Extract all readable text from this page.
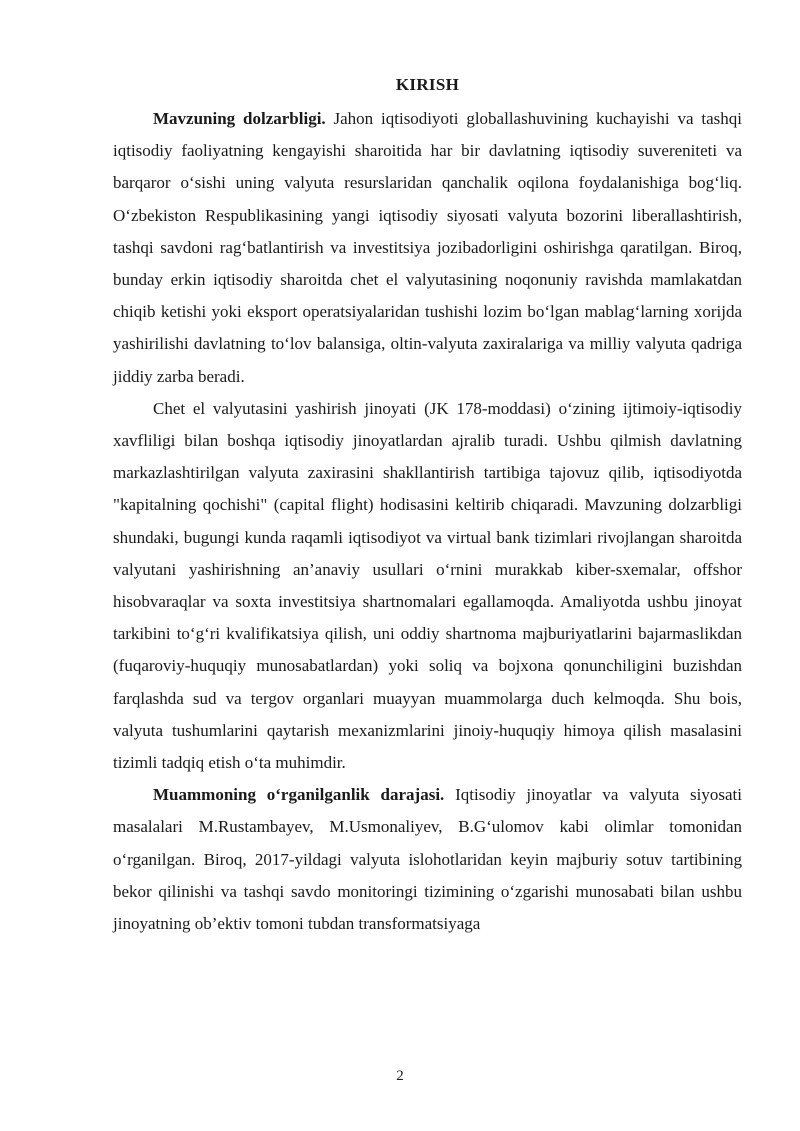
KIRISH

Mavzuning dolzarbligi. Jahon iqtisodiyoti globallashuvining kuchayishi va tashqi iqtisodiy faoliyatning kengayishi sharoitida har bir davlatning iqtisodiy suvereniteti va barqaror o‘sishi uning valyuta resurslaridan qanchalik oqilona foydalanishiga bog‘liq. O‘zbekiston Respublikasining yangi iqtisodiy siyosati valyuta bozorini liberallashtirish, tashqi savdoni rag‘batlantirish va investitsiya jozibadorligini oshirishga qaratilgan. Biroq, bunday erkin iqtisodiy sharoitda chet el valyutasining noqonuniy ravishda mamlakatdan chiqib ketishi yoki eksport operatsiyalaridan tushishi lozim bo‘lgan mablag‘larning xorijda yashirilishi davlatning to‘lov balansiga, oltin-valyuta zaxiralariga va milliy valyuta qadriga jiddiy zarba beradi.

Chet el valyutasini yashirish jinoyati (JK 178-moddasi) o‘zining ijtimoiy-iqtisodiy xavfliligi bilan boshqa iqtisodiy jinoyatlardan ajralib turadi. Ushbu qilmish davlatning markazlashtirilgan valyuta zaxirasini shakllantirish tartibiga tajovuz qilib, iqtisodiyotda "kapitalning qochishi" (capital flight) hodisasini keltirib chiqaradi. Mavzuning dolzarbligi shundaki, bugungi kunda raqamli iqtisodiyot va virtual bank tizimlari rivojlangan sharoitda valyutani yashirishning an’anaviy usullari o‘rnini murakkab kiber-sxemalar, offshor hisobvaraqlar va soxta investitsiya shartnomalari egallamoqda. Amaliyotda ushbu jinoyat tarkibini to‘g‘ri kvalifikatsiya qilish, uni oddiy shartnoma majburiyatlarini bajarmaslikdan (fuqaroviy-huquqiy munosabatlardan) yoki soliq va bojxona qonunchiligini buzishdan farqlashda sud va tergov organlari muayyan muammolarga duch kelmoqda. Shu bois, valyuta tushumlarini qaytarish mexanizmlarini jinoiy-huquqiy himoya qilish masalasini tizimli tadqiq etish o‘ta muhimdir.

Muammoning o‘rganilganlik darajasi. Iqtisodiy jinoyatlar va valyuta siyosati masalalari M.Rustambayev, M.Usmonaliyev, B.G‘ulomov kabi olimlar tomonidan o‘rganilgan. Biroq, 2017-yildagi valyuta islohotlaridan keyin majburiy sotuv tartibining bekor qilinishi va tashqi savdo monitoringi tizimining o‘zgarishi munosabati bilan ushbu jinoyatning ob’ektiv tomoni tubdan transformatsiyaga

2
